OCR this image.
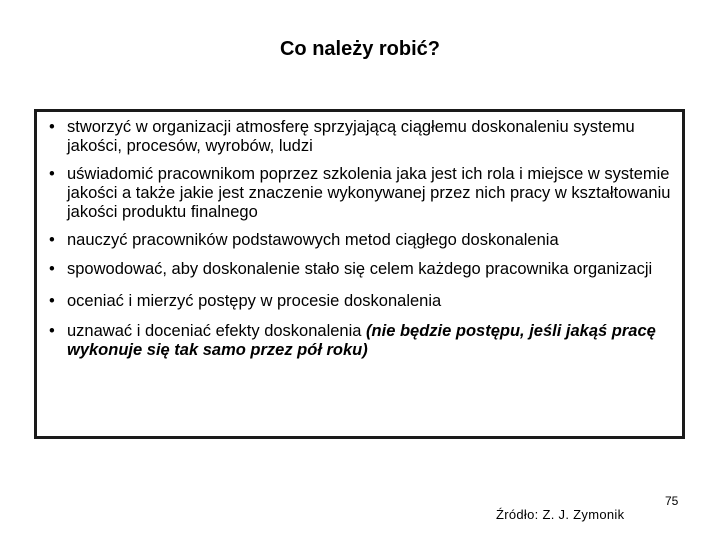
Co należy robić?
• stworzyć w organizacji atmosferę sprzyjającą ciągłemu doskonaleniu systemu jakości, procesów, wyrobów, ludzi
• uświadomić pracownikom poprzez szkolenia jaka jest ich rola i miejsce w systemie jakości a także jakie jest znaczenie wykonywanej przez nich pracy w kształtowaniu jakości produktu finalnego
• nauczyć pracowników podstawowych metod ciągłego doskonalenia
• spowodować, aby doskonalenie stało się celem każdego pracownika organizacji
• oceniać i mierzyć postępy w procesie doskonalenia
• uznawać i doceniać efekty doskonalenia (nie będzie postępu, jeśli jakąś pracę wykonuje się tak samo przez pół roku)
75
Źródło: Z. J. Zymonik
